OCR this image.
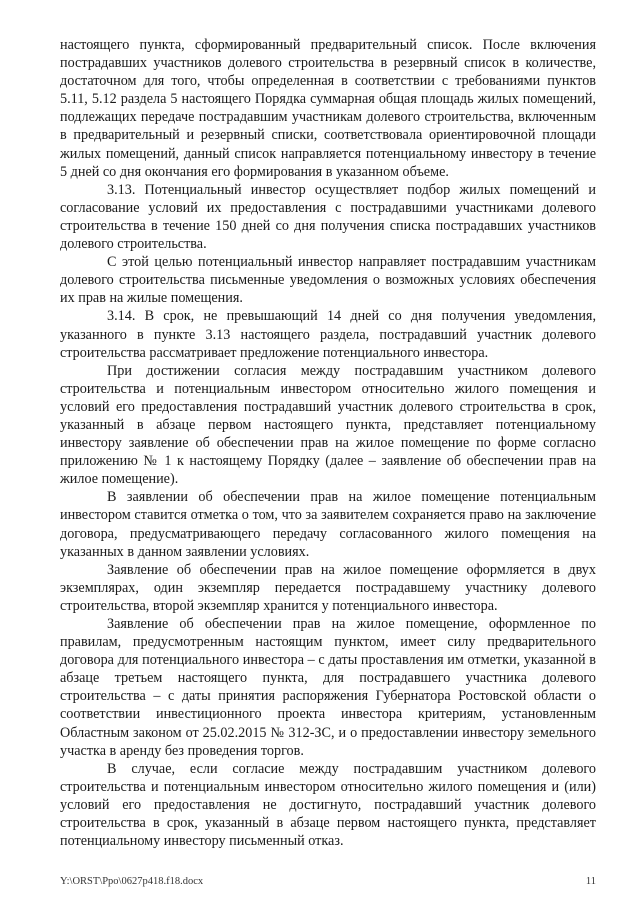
настоящего пункта, сформированный предварительный список. После включения пострадавших участников долевого строительства в резервный список в количестве, достаточном для того, чтобы определенная в соответствии с требованиями пунктов 5.11, 5.12 раздела 5 настоящего Порядка суммарная общая площадь жилых помещений, подлежащих передаче пострадавшим участникам долевого строительства, включенным в предварительный и резервный списки, соответствовала ориентировочной площади жилых помещений, данный список направляется потенциальному инвестору в течение 5 дней со дня окончания его формирования в указанном объеме.

3.13. Потенциальный инвестор осуществляет подбор жилых помещений и согласование условий их предоставления с пострадавшими участниками долевого строительства в течение 150 дней со дня получения списка пострадавших участников долевого строительства.

С этой целью потенциальный инвестор направляет пострадавшим участникам долевого строительства письменные уведомления о возможных условиях обеспечения их прав на жилые помещения.

3.14. В срок, не превышающий 14 дней со дня получения уведомления, указанного в пункте 3.13 настоящего раздела, пострадавший участник долевого строительства рассматривает предложение потенциального инвестора.

При достижении согласия между пострадавшим участником долевого строительства и потенциальным инвестором относительно жилого помещения и условий его предоставления пострадавший участник долевого строительства в срок, указанный в абзаце первом настоящего пункта, представляет потенциальному инвестору заявление об обеспечении прав на жилое помещение по форме согласно приложению № 1 к настоящему Порядку (далее – заявление об обеспечении прав на жилое помещение).

В заявлении об обеспечении прав на жилое помещение потенциальным инвестором ставится отметка о том, что за заявителем сохраняется право на заключение договора, предусматривающего передачу согласованного жилого помещения на указанных в данном заявлении условиях.

Заявление об обеспечении прав на жилое помещение оформляется в двух экземплярах, один экземпляр передается пострадавшему участнику долевого строительства, второй экземпляр хранится у потенциального инвестора.

Заявление об обеспечении прав на жилое помещение, оформленное по правилам, предусмотренным настоящим пунктом, имеет силу предварительного договора для потенциального инвестора – с даты проставления им отметки, указанной в абзаце третьем настоящего пункта, для пострадавшего участника долевого строительства – с даты принятия распоряжения Губернатора Ростовской области о соответствии инвестиционного проекта инвестора критериям, установленным Областным законом от 25.02.2015 № 312-ЗС, и о предоставлении инвестору земельного участка в аренду без проведения торгов.

В случае, если согласие между пострадавшим участником долевого строительства и потенциальным инвестором относительно жилого помещения и (или) условий его предоставления не достигнуто, пострадавший участник долевого строительства в срок, указанный в абзаце первом настоящего пункта, представляет потенциальному инвестору письменный отказ.

Y:\ORST\Ppo\0627p418.f18.docx	11
